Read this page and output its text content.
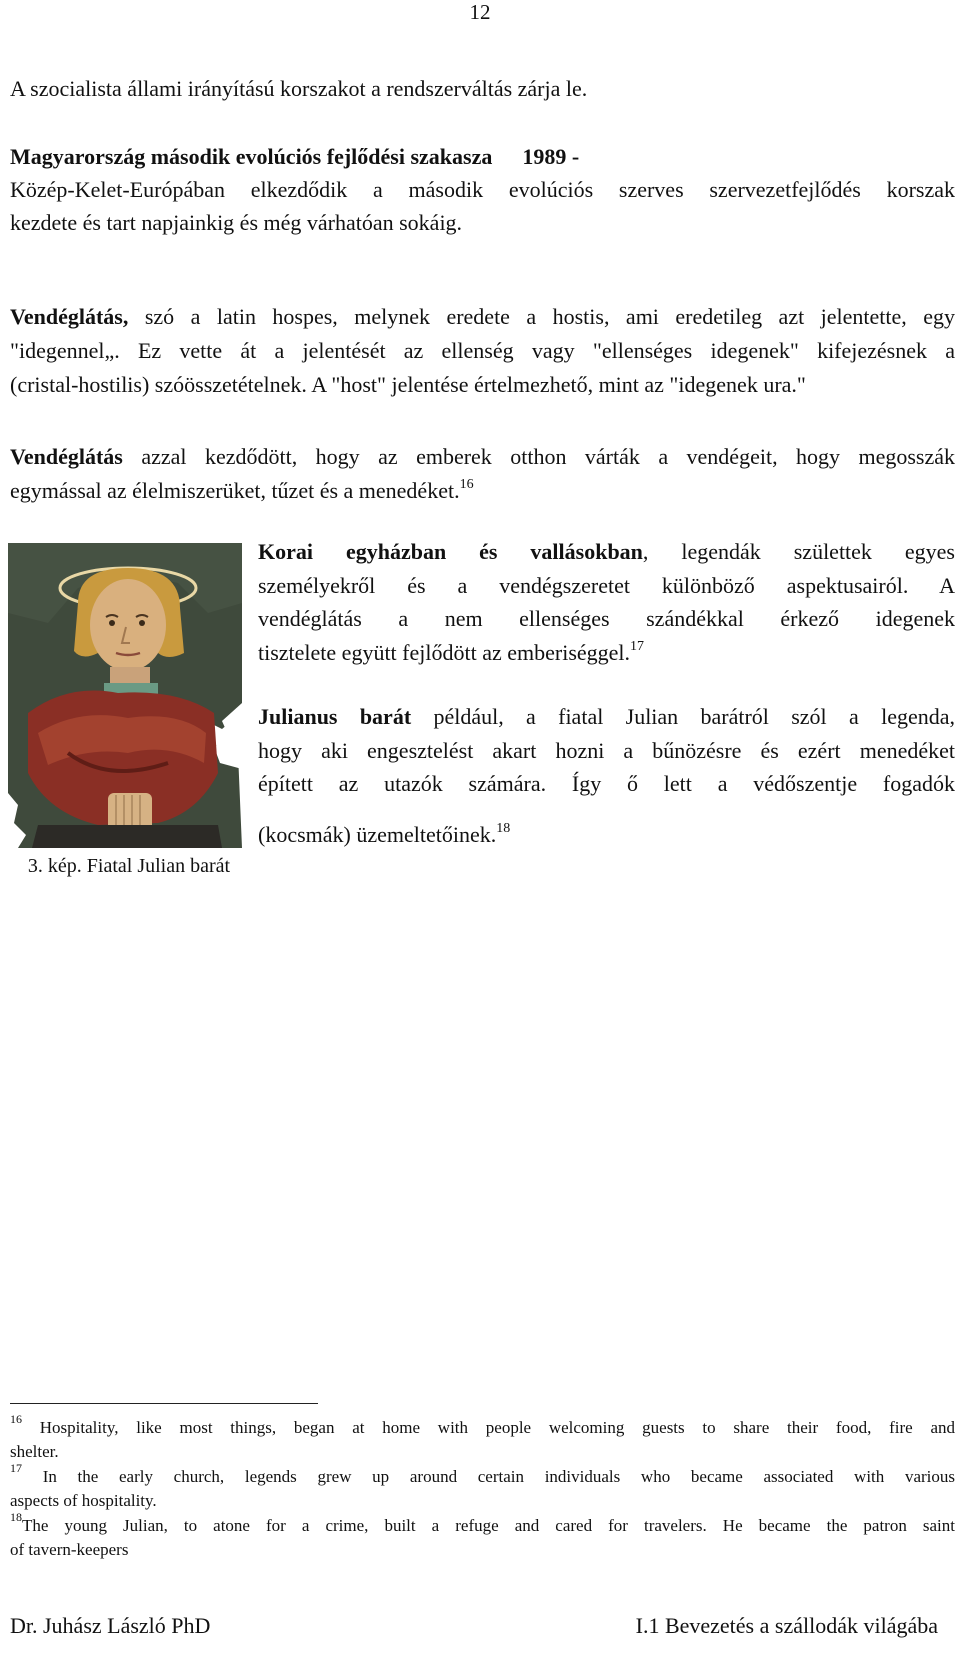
12
A szocialista állami irányítású korszakot a rendszerváltás zárja le.
Magyarország második evolúciós fejlődési szakasza 1989 -
Közép-Kelet-Európában elkezdődik a második evolúciós szerves szervezetfejlődés korszak
kezdete és tart napjainkig és még várhatóan sokáig.
Vendéglátás, szó a latin hospes, melynek eredete a hostis, ami eredetileg azt jelentette, egy
"idegennel„. Ez vette át a jelentését az ellenség vagy "ellenséges idegenek" kifejezésnek a
(cristal-hostilis) szóösszetételnek. A "host" jelentése értelmezhető, mint az "idegenek ura."
Vendéglátás azzal kezdődött, hogy az emberek otthon várták a vendégeit, hogy megosszák
egymással az élelmiszerüket, tűzet és a menedéket.$^{16}$
3. kép. Fiatal Julian barát
Korai egyházban és vallásokban, legendák születtek egyes
személyekről és a vendégszeretet különböző aspektusairól. A
vendéglátás a nem ellenséges szándékkal érkező idegenek
tisztelete együtt fejlődött az emberiséggel.$^{17}$
Julianus barát például, a fiatal Julian barátról szól a legenda,
hogy aki engesztelést akart hozni a bűnözésre és ezért menedéket
épített az utazók számára. Így ő lett a védőszentje fogadók
(kocsmák) üzemeltetőinek.$^{18}$
$^{16}$ Hospitality, like most things, began at home with people welcoming guests to share their food, fire and
shelter.
$^{17}$ In the early church, legends grew up around certain individuals who became associated with various
aspects of hospitality.
$^{18}$The young Julian, to atone for a crime, built a refuge and cared for travelers. He became the patron saint
of tavern-keepers
Dr. Juhász László PhD	I.1 Bevezetés a szállodák világába
